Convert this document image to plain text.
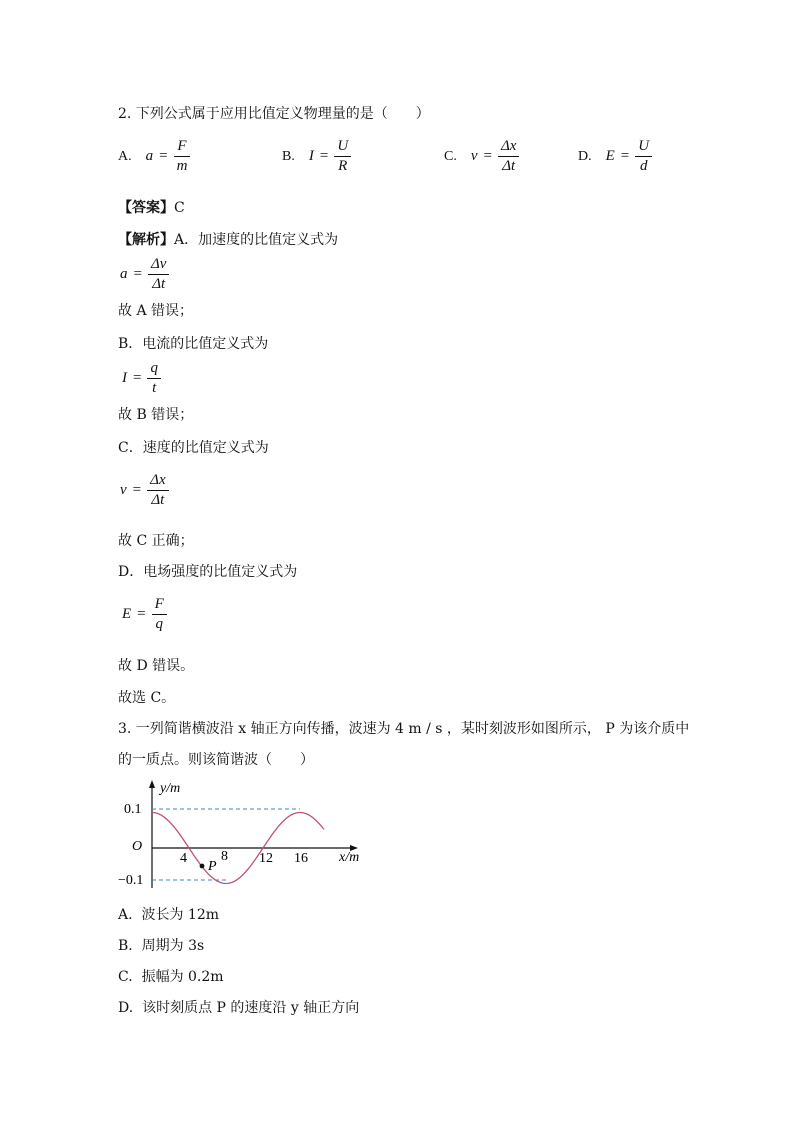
2. 下列公式属于应用比值定义物理量的是（　　）
A. $a = \frac{F}{m}$	B. $I = \frac{U}{R}$	C. $v = \frac{\Delta x}{\Delta t}$	D. $E = \frac{U}{d}$
【答案】C
【解析】A．加速度的比值定义式为
$a = \frac{\Delta v}{\Delta t}$
故 A 错误；
B．电流的比值定义式为
$I = \frac{q}{t}$
故 B 错误；
C．速度的比值定义式为
$v = \frac{\Delta x}{\Delta t}$
故 C 正确；
D．电场强度的比值定义式为
$E = \frac{F}{q}$
故 D 错误。
故选 C。
3. 一列简谐横波沿 x 轴正方向传播，波速为 4 m / s ，某时刻波形如图所示， P 为该介质中
的一质点。则该简谐波（　　）
y/m
x/m
O
0.1
−0.1
4 8 12 16
P
A. 波长为 12m
B. 周期为 3s
C. 振幅为 0.2m
D. 该时刻质点 P 的速度沿 y 轴正方向
